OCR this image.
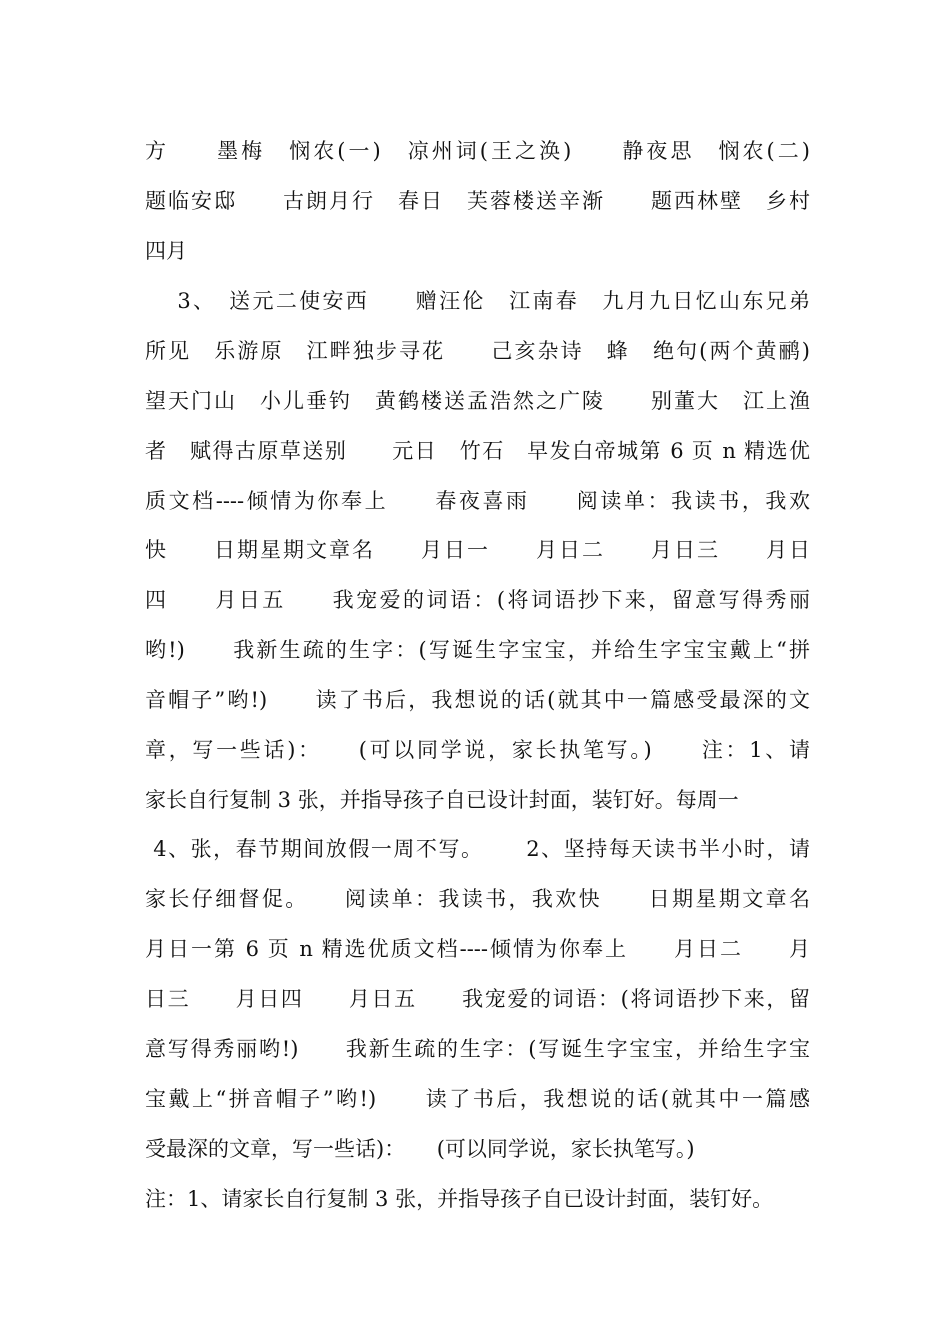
方　　墨梅　悯农(一)　凉州词(王之涣)　　静夜思　悯农(二)
题临安邸　　古朗月行　春日　芙蓉楼送辛渐　　题西林壁　乡村
四月
　 3、　送元二使安西　　赠汪伦　江南春　九月九日忆山东兄弟
所见　乐游原　江畔独步寻花　　己亥杂诗　蜂　绝句(两个黄鹂)
望天门山　小儿垂钓　黄鹤楼送孟浩然之广陵　　别董大　江上渔
者　赋得古原草送别　　元日　竹石　早发白帝城第 6 页 n 精选优
质文档----倾情为你奉上　　春夜喜雨　　阅读单：我读书，我欢
快　　日期星期文章名　　月日一　　月日二　　月日三　　月日
四　　月日五　　我宠爱的词语：(将词语抄下来，留意写得秀丽
哟!)　　我新生疏的生字：(写诞生字宝宝，并给生字宝宝戴上“拼
音帽子”哟!)　　读了书后，我想说的话(就其中一篇感受最深的文
章，写一些话)：　　(可以同学说，家长执笔写。)　　注：1、请
家长自行复制 3 张，并指导孩子自已设计封面，装钉好。每周一
4、张，春节期间放假一周不写。　　 2、坚持每天读书半小时，请
家长仔细督促。　　阅读单：我读书，我欢快　　日期星期文章名
月日一第 6 页 n 精选优质文档----倾情为你奉上　　月日二　　月
日三　　月日四　　月日五　　我宠爱的词语：(将词语抄下来，留
意写得秀丽哟!)　　我新生疏的生字：(写诞生字宝宝，并给生字宝
宝戴上“拼音帽子”哟!)　　读了书后，我想说的话(就其中一篇感
受最深的文章，写一些话)：　　(可以同学说，家长执笔写。)
注：1、请家长自行复制 3 张，并指导孩子自已设计封面，装钉好。
